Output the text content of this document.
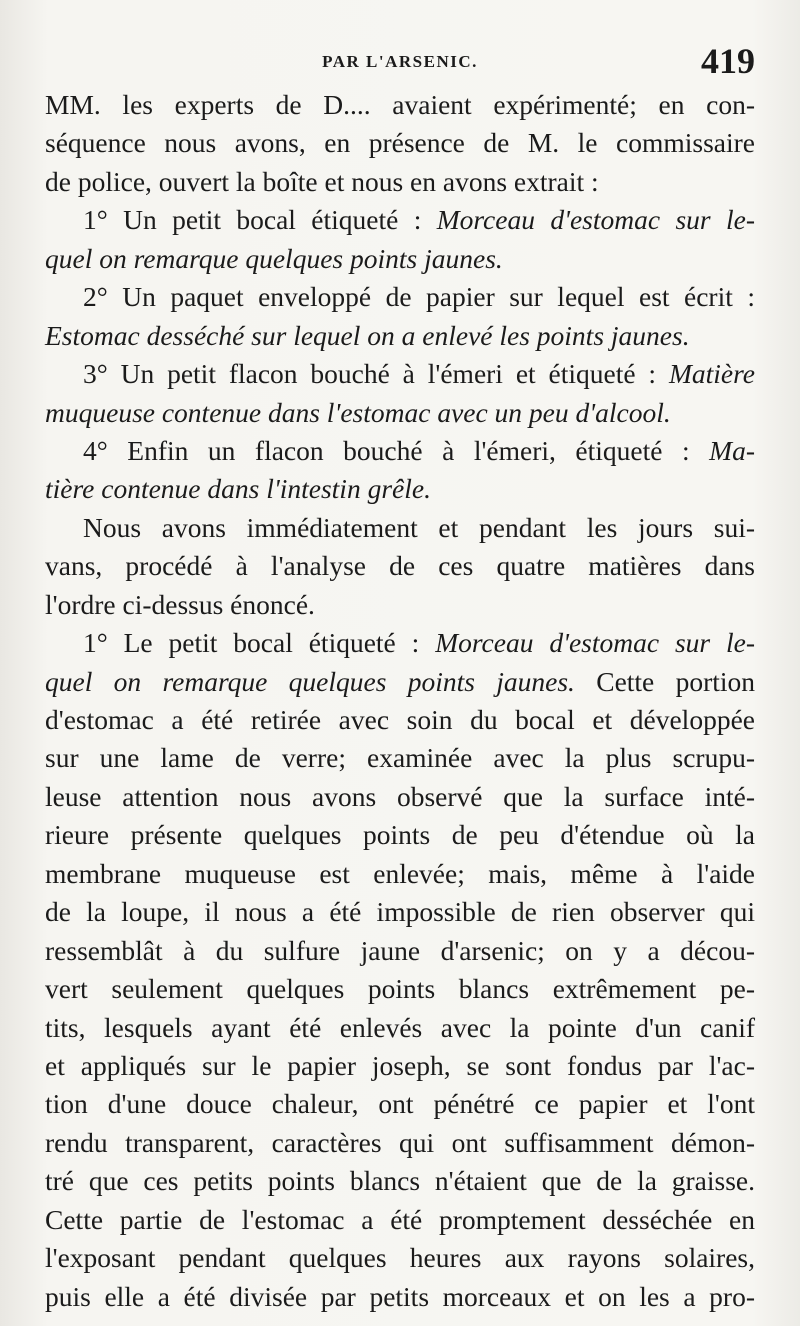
PAR L'ARSENIC.	419
MM. les experts de D.... avaient expérimenté; en con-
séquence nous avons, en présence de M. le commissaire
de police, ouvert la boîte et nous en avons extrait :
1° Un petit bocal étiqueté : Morceau d'estomac sur le-
quel on remarque quelques points jaunes.
2° Un paquet enveloppé de papier sur lequel est écrit :
Estomac desséché sur lequel on a enlevé les points jaunes.
3° Un petit flacon bouché à l'émeri et étiqueté : Matière
muqueuse contenue dans l'estomac avec un peu d'alcool.
4° Enfin un flacon bouché à l'émeri, étiqueté : Ma-
tière contenue dans l'intestin grêle.
Nous avons immédiatement et pendant les jours sui-
vans, procédé à l'analyse de ces quatre matières dans
l'ordre ci-dessus énoncé.
1° Le petit bocal étiqueté : Morceau d'estomac sur le-
quel on remarque quelques points jaunes. Cette portion
d'estomac a été retirée avec soin du bocal et développée
sur une lame de verre; examinée avec la plus scrupu-
leuse attention nous avons observé que la surface inté-
rieure présente quelques points de peu d'étendue où la
membrane muqueuse est enlevée; mais, même à l'aide
de la loupe, il nous a été impossible de rien observer qui
ressemblât à du sulfure jaune d'arsenic; on y a décou-
vert seulement quelques points blancs extrêmement pe-
tits, lesquels ayant été enlevés avec la pointe d'un canif
et appliqués sur le papier joseph, se sont fondus par l'ac-
tion d'une douce chaleur, ont pénétré ce papier et l'ont
rendu transparent, caractères qui ont suffisamment démon-
tré que ces petits points blancs n'étaient que de la graisse.
Cette partie de l'estomac a été promptement desséchée en
l'exposant pendant quelques heures aux rayons solaires,
puis elle a été divisée par petits morceaux et on les a pro-
